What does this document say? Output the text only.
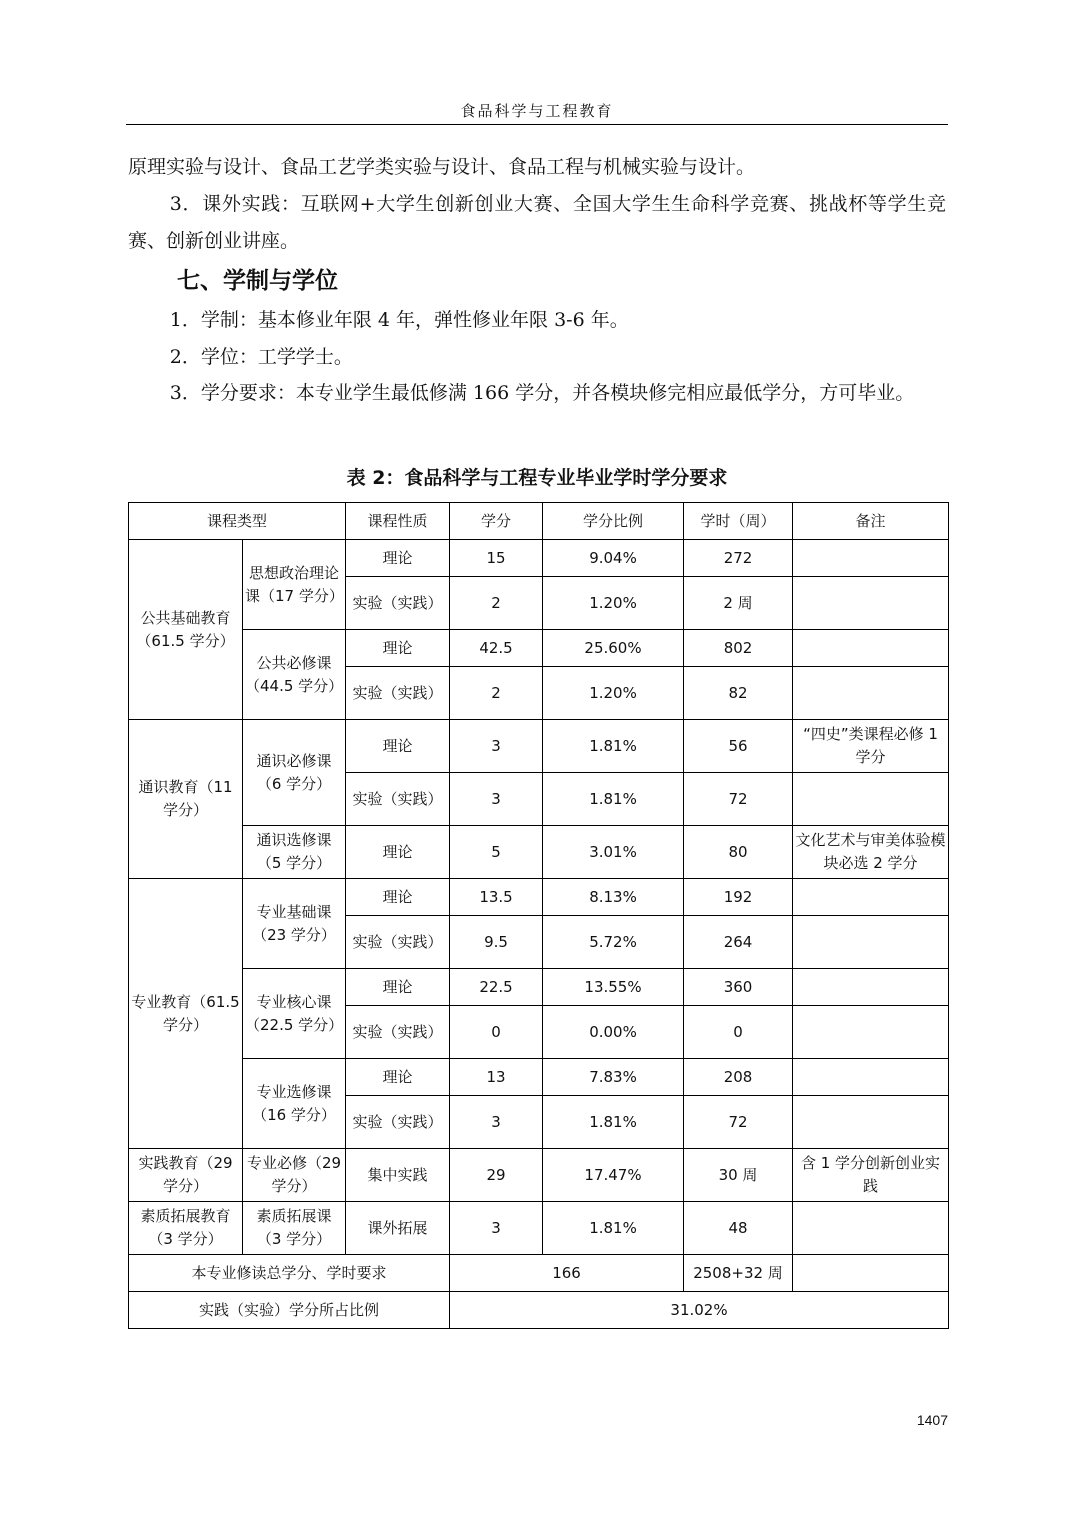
食品科学与工程教育

原理实验与设计、食品工艺学类实验与设计、食品工程与机械实验与设计。

3．课外实践：互联网+大学生创新创业大赛、全国大学生生命科学竞赛、挑战杯等学生竞赛、创新创业讲座。

七、学制与学位

1．学制：基本修业年限 4 年，弹性修业年限 3-6 年。

2．学位：工学学士。

3．学分要求：本专业学生最低修满 166 学分，并各模块修完相应最低学分，方可毕业。

表 2：食品科学与工程专业毕业学时学分要求
课程类型		课程性质	学分	学分比例	学时（周）	备注
公共基础教育（61.5 学分）	思想政治理论课（17 学分）	理论	15	9.04%	272	
		实验（实践）	2	1.20%	2 周	
	公共必修课（44.5 学分）	理论	42.5	25.60%	802	
		实验（实践）	2	1.20%	82	
通识教育（11 学分）	通识必修课（6 学分）	理论	3	1.81%	56	“四史”类课程必修 1 学分
		实验（实践）	3	1.81%	72	
	通识选修课（5 学分）	理论	5	3.01%	80	文化艺术与审美体验模块必选 2 学分
专业教育（61.5 学分）	专业基础课（23 学分）	理论	13.5	8.13%	192	
		实验（实践）	9.5	5.72%	264	
	专业核心课（22.5 学分）	理论	22.5	13.55%	360	
		实验（实践）	0	0.00%	0	
	专业选修课（16 学分）	理论	13	7.83%	208	
		实验（实践）	3	1.81%	72	
实践教育（29 学分）	专业必修（29 学分）	集中实践	29	17.47%	30 周	含 1 学分创新创业实践
素质拓展教育（3 学分）	素质拓展课（3 学分）	课外拓展	3	1.81%	48	
本专业修读总学分、学时要求			166		2508+32 周	
实践（实验）学分所占比例			31.02%			
1407
